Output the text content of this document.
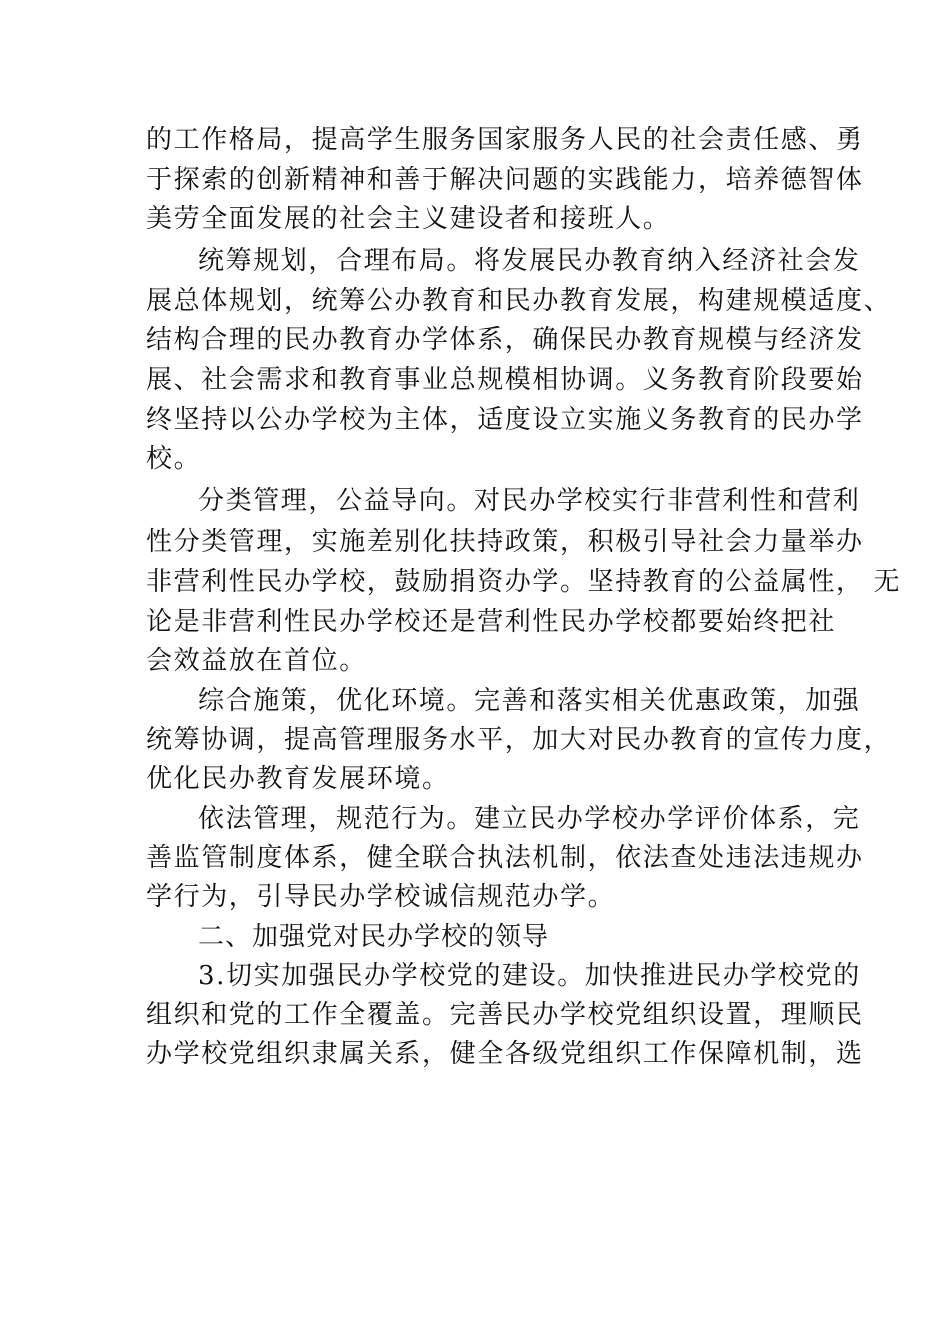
的工作格局，提高学生服务国家服务人民的社会责任感、勇
于探索的创新精神和善于解决问题的实践能力，培养德智体
美劳全面发展的社会主义建设者和接班人。
统筹规划，合理布局。将发展民办教育纳入经济社会发
展总体规划，统筹公办教育和民办教育发展，构建规模适度、
结构合理的民办教育办学体系，确保民办教育规模与经济发
展、社会需求和教育事业总规模相协调。义务教育阶段要始
终坚持以公办学校为主体，适度设立实施义务教育的民办学
校。
分类管理，公益导向。对民办学校实行非营利性和营利
性分类管理，实施差别化扶持政策，积极引导社会力量举办
非营利性民办学校，鼓励捐资办学。坚持教育的公益属性， 无
论是非营利性民办学校还是营利性民办学校都要始终把社
会效益放在首位。
综合施策，优化环境。完善和落实相关优惠政策，加强
统筹协调，提高管理服务水平，加大对民办教育的宣传力度，
优化民办教育发展环境。
依法管理，规范行为。建立民办学校办学评价体系，完
善监管制度体系，健全联合执法机制，依法查处违法违规办
学行为，引导民办学校诚信规范办学。
二、加强党对民办学校的领导
3.切实加强民办学校党的建设。加快推进民办学校党的
组织和党的工作全覆盖。完善民办学校党组织设置，理顺民
办学校党组织隶属关系，健全各级党组织工作保障机制，选
